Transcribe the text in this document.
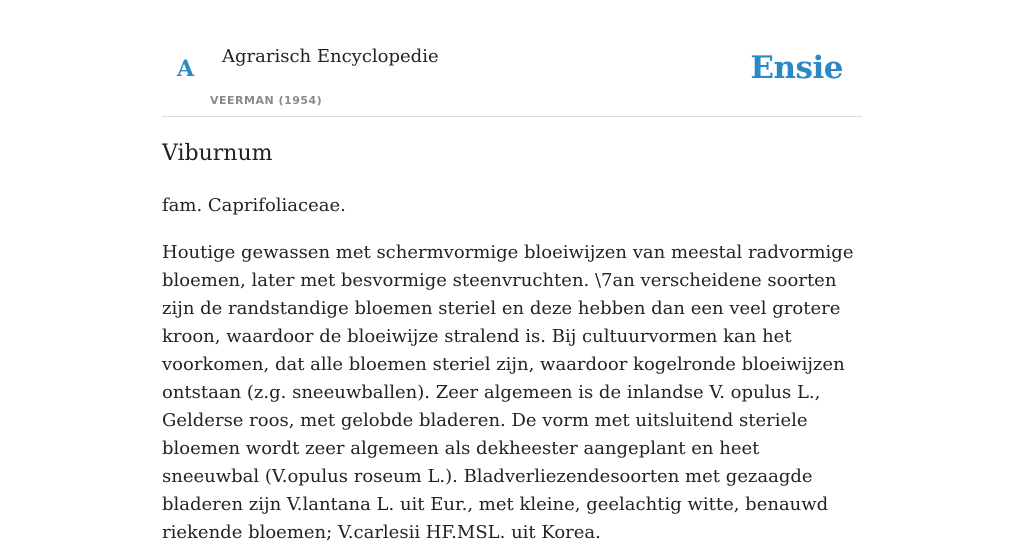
A Agrarisch Encyclopedie
VEERMAN (1954)
Ensie
Viburnum

fam. Caprifoliaceae.

Houtige gewassen met schermvormige bloeiwijzen van meestal radvormige bloemen, later met besvormige steenvruchten. \7an verscheidene soorten zijn de randstandige bloemen steriel en deze hebben dan een veel grotere kroon, waardoor de bloeiwijze stralend is. Bij cultuurvormen kan het voorkomen, dat alle bloemen steriel zijn, waardoor kogelronde bloeiwijzen ontstaan (z.g. sneeuwballen). Zeer algemeen is de inlandse V. opulus L., Gelderse roos, met gelobde bladeren. De vorm met uitsluitend steriele bloemen wordt zeer algemeen als dekheester aangeplant en heet sneeuwbal (V.opulus roseum L.). Bladverliezendesoorten met gezaagde bladeren zijn V.lantana L. uit Eur., met kleine, geelachtig witte, benauwd riekende bloemen; V.carlesii HF.MSL. uit Korea.
